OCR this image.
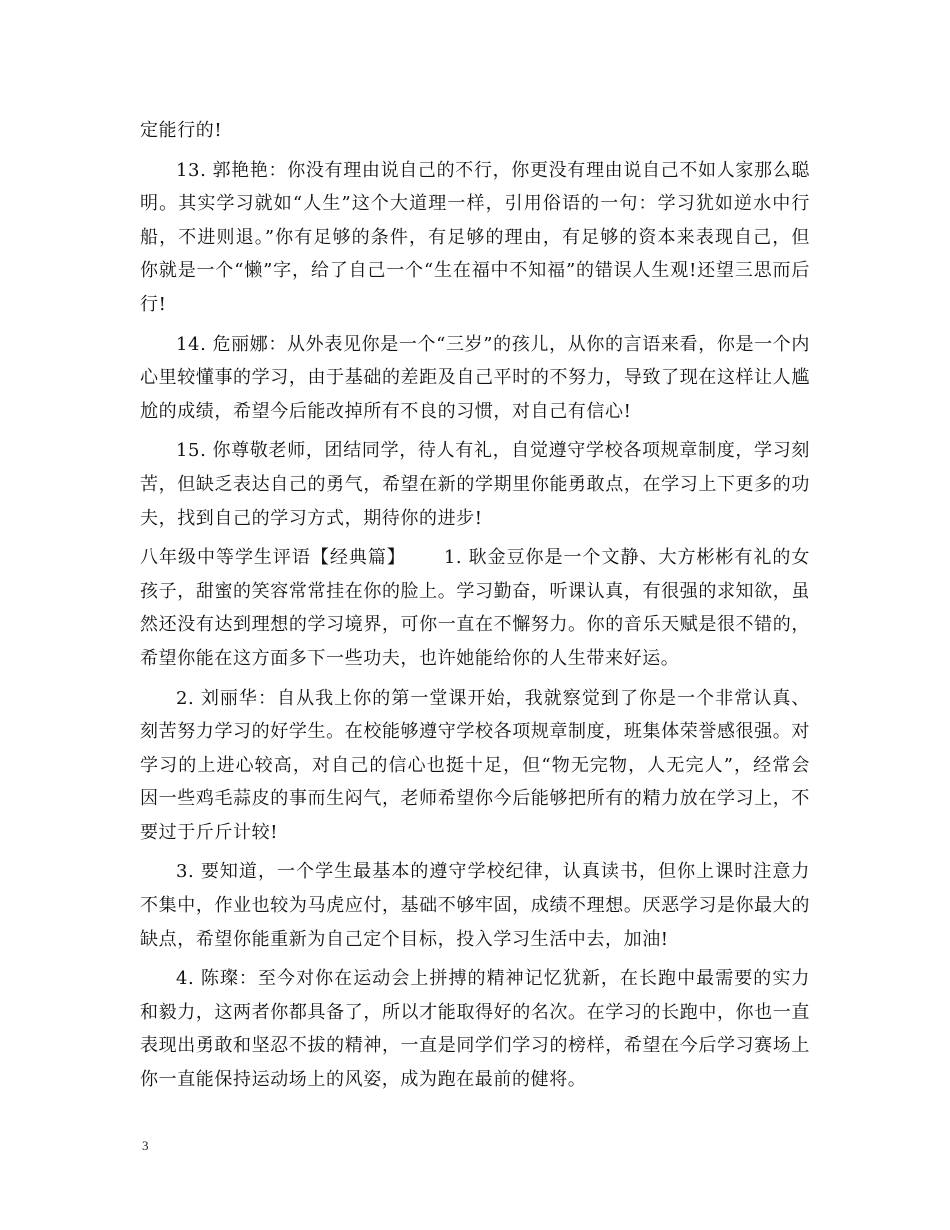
定能行的!

13. 郭艳艳：你没有理由说自己的不行，你更没有理由说自己不如人家那么聪明。其实学习就如“人生”这个大道理一样，引用俗语的一句：学习犹如逆水中行船，不进则退。”你有足够的条件，有足够的理由，有足够的资本来表现自己，但你就是一个“懒”字，给了自己一个“生在福中不知福”的错误人生观!还望三思而后行!

14. 危丽娜：从外表见你是一个“三岁”的孩儿，从你的言语来看，你是一个内心里较懂事的学习，由于基础的差距及自己平时的不努力，导致了现在这样让人尴尬的成绩，希望今后能改掉所有不良的习惯，对自己有信心!

15. 你尊敬老师，团结同学，待人有礼，自觉遵守学校各项规章制度，学习刻苦，但缺乏表达自己的勇气，希望在新的学期里你能勇敢点，在学习上下更多的功夫，找到自己的学习方式，期待你的进步!

八年级中等学生评语【经典篇】 1. 耿金豆你是一个文静、大方彬彬有礼的女孩子，甜蜜的笑容常常挂在你的脸上。学习勤奋，听课认真，有很强的求知欲，虽然还没有达到理想的学习境界，可你一直在不懈努力。你的音乐天赋是很不错的，希望你能在这方面多下一些功夫，也许她能给你的人生带来好运。

2. 刘丽华：自从我上你的第一堂课开始，我就察觉到了你是一个非常认真、刻苦努力学习的好学生。在校能够遵守学校各项规章制度，班集体荣誉感很强。对学习的上进心较高，对自己的信心也挺十足，但“物无完物，人无完人”，经常会因一些鸡毛蒜皮的事而生闷气，老师希望你今后能够把所有的精力放在学习上，不要过于斤斤计较!

3. 要知道，一个学生最基本的遵守学校纪律，认真读书，但你上课时注意力不集中，作业也较为马虎应付，基础不够牢固，成绩不理想。厌恶学习是你最大的缺点，希望你能重新为自己定个目标，投入学习生活中去，加油!

4. 陈璨：至今对你在运动会上拼搏的精神记忆犹新，在长跑中最需要的实力和毅力，这两者你都具备了，所以才能取得好的名次。在学习的长跑中，你也一直表现出勇敢和坚忍不拔的精神，一直是同学们学习的榜样，希望在今后学习赛场上你一直能保持运动场上的风姿，成为跑在最前的健将。

3
